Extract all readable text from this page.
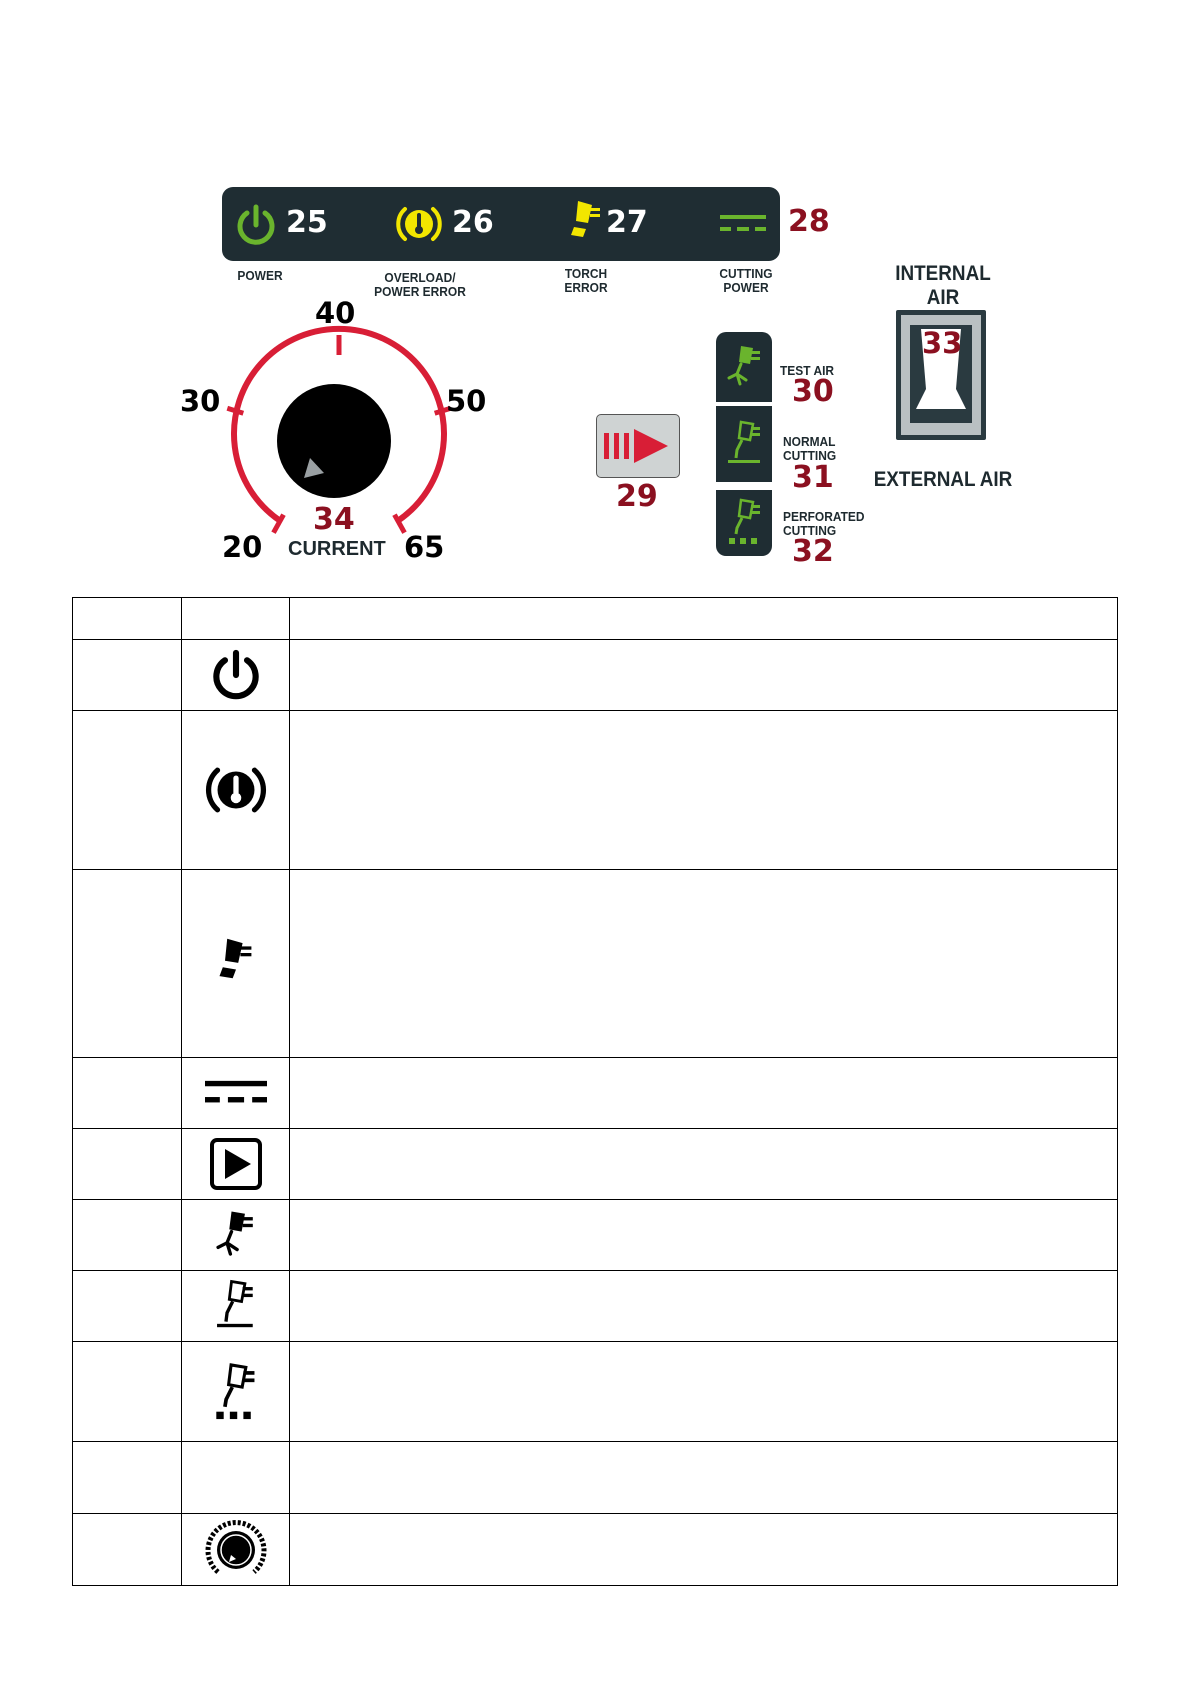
25	26	27	28
POWER	OVERLOAD/
POWER ERROR
TORCH
ERROR
CUTTING
POWER
20
30
40
50
65
34
CURRENT
29
TEST AIR
30
NORMAL
CUTTING
31
PERFORATED
CUTTING
32
INTERNAL AIR
33
EXTERNAL AIR
